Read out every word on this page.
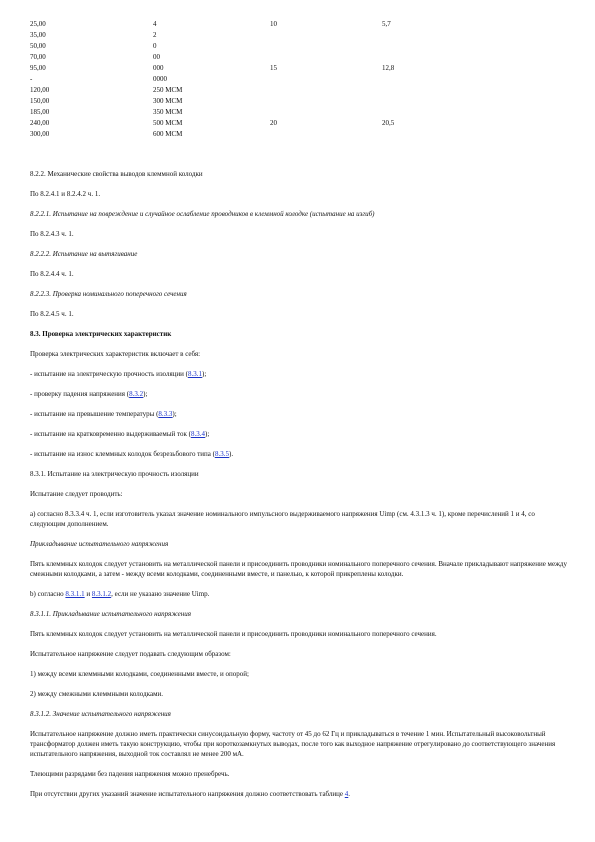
25,00	4	10	5,7
35,00	2		
50,00	0		
70,00	00		
95,00	000	15	12,8
-	0000		
120,00	250 MCM		
150,00	300 MCM		
185,00	350 MCM		
240,00	500 MCM	20	20,5
300,00	600 MCM		
8.2.2. Механические свойства выводов клеммной колодки
По 8.2.4.1 и 8.2.4.2 ч. 1.
8.2.2.1. Испытание на повреждение и случайное ослабление проводников в клеммной колодке (испытание на изгиб)
По 8.2.4.3 ч. 1.
8.2.2.2. Испытание на вытягивание
По 8.2.4.4 ч. 1.
8.2.2.3. Проверка номинального поперечного сечения
По 8.2.4.5 ч. 1.
8.3. Проверка электрических характеристик
Проверка электрических характеристик включает в себя:
- испытание на электрическую прочность изоляции (8.3.1);
- проверку падения напряжения (8.3.2);
- испытание на превышение температуры (8.3.3);
- испытание на кратковременно выдерживаемый ток (8.3.4);
- испытание на износ клеммных колодок безрезьбового типа (8.3.5).
8.3.1. Испытание на электрическую прочность изоляции
Испытание следует проводить:
а) согласно 8.3.3.4 ч. 1, если изготовитель указал значение номинального импульсного выдерживаемого напряжения Uimp (см. 4.3.1.3 ч. 1), кроме перечислений 1 и 4, со следующим дополнением.
Прикладывание испытательного напряжения
Пять клеммных колодок следует установить на металлической панели и присоединить проводники номинального поперечного сечения. Вначале прикладывают напряжение между смежными колодками, а затем - между всеми колодками, соединенными вместе, и панелью, к которой прикреплены колодки.
b) согласно 8.3.1.1 и 8.3.1.2, если не указано значение Uimp.
8.3.1.1. Прикладывание испытательного напряжения
Пять клеммных колодок следует установить на металлической панели и присоединить проводники номинального поперечного сечения.
Испытательное напряжение следует подавать следующим образом:
1) между всеми клеммными колодками, соединенными вместе, и опорой;
2) между смежными клеммными колодками.
8.3.1.2. Значение испытательного напряжения
Испытательное напряжение должно иметь практически синусоидальную форму, частоту от 45 до 62 Гц и прикладываться в течение 1 мин. Испытательный высоковольтный трансформатор должен иметь такую конструкцию, чтобы при короткозамкнутых выводах, после того как выходное напряжение отрегулировано до соответствующего значения испытательного напряжения, выходной ток составлял не менее 200 мА.
Тлеющими разрядами без падения напряжения можно пренебречь.
При отсутствии других указаний значение испытательного напряжения должно соответствовать таблице 4.
